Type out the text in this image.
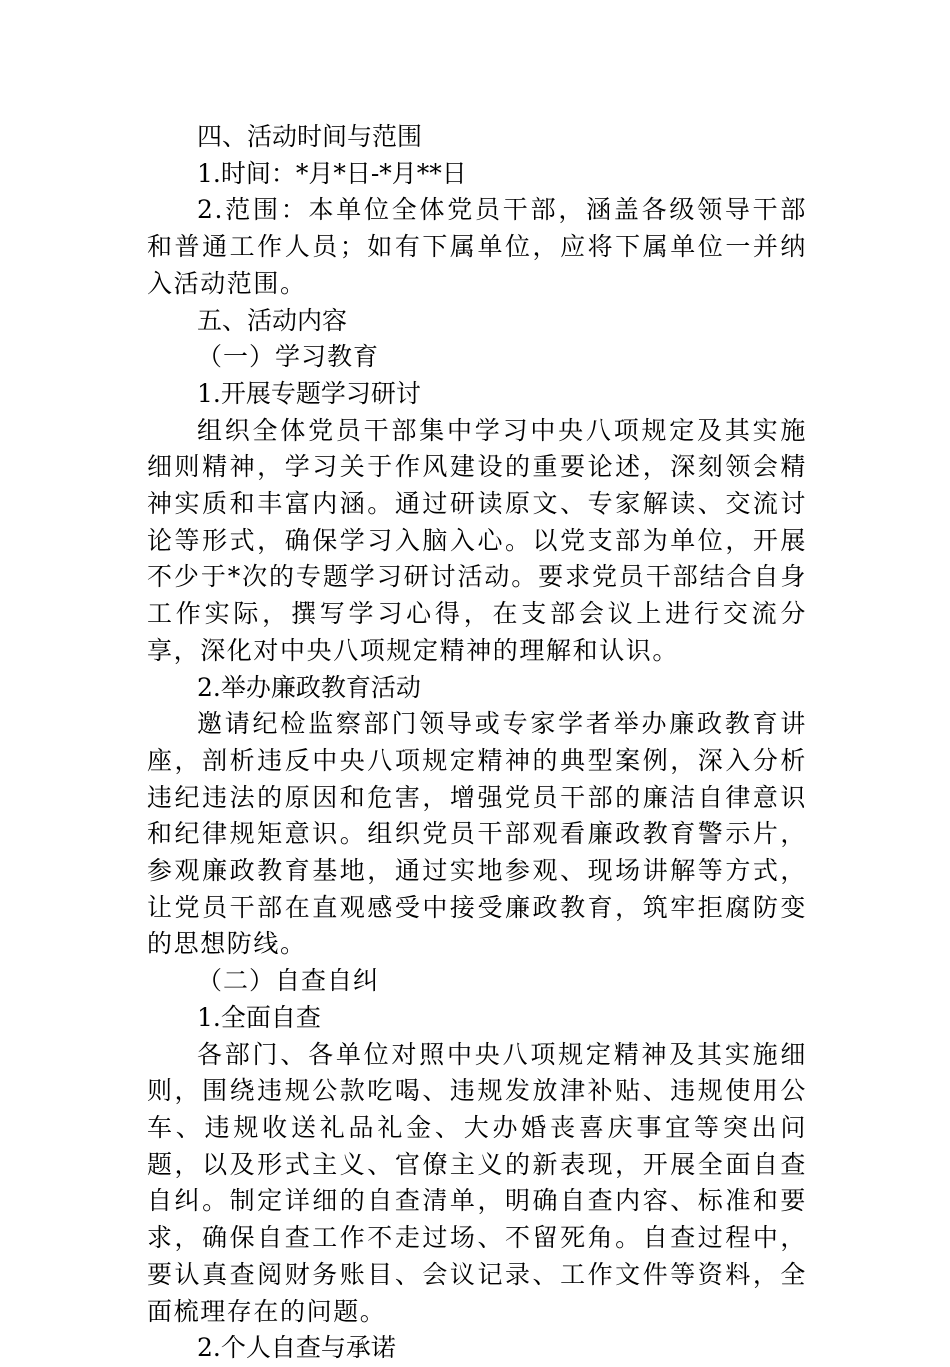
四、活动时间与范围

1.时间：*月*日-*月**日

2.范围：本单位全体党员干部，涵盖各级领导干部和普通工作人员；如有下属单位，应将下属单位一并纳入活动范围。

五、活动内容

（一）学习教育

1.开展专题学习研讨

组织全体党员干部集中学习中央八项规定及其实施细则精神，学习关于作风建设的重要论述，深刻领会精神实质和丰富内涵。通过研读原文、专家解读、交流讨论等形式，确保学习入脑入心。以党支部为单位，开展不少于*次的专题学习研讨活动。要求党员干部结合自身工作实际，撰写学习心得，在支部会议上进行交流分享，深化对中央八项规定精神的理解和认识。

2.举办廉政教育活动

邀请纪检监察部门领导或专家学者举办廉政教育讲座，剖析违反中央八项规定精神的典型案例，深入分析违纪违法的原因和危害，增强党员干部的廉洁自律意识和纪律规矩意识。组织党员干部观看廉政教育警示片，参观廉政教育基地，通过实地参观、现场讲解等方式，让党员干部在直观感受中接受廉政教育，筑牢拒腐防变的思想防线。

（二）自查自纠

1.全面自查

各部门、各单位对照中央八项规定精神及其实施细则，围绕违规公款吃喝、违规发放津补贴、违规使用公车、违规收送礼品礼金、大办婚丧喜庆事宜等突出问题，以及形式主义、官僚主义的新表现，开展全面自查自纠。制定详细的自查清单，明确自查内容、标准和要求，确保自查工作不走过场、不留死角。自查过程中，要认真查阅财务账目、会议记录、工作文件等资料，全面梳理存在的问题。

2.个人自查与承诺
